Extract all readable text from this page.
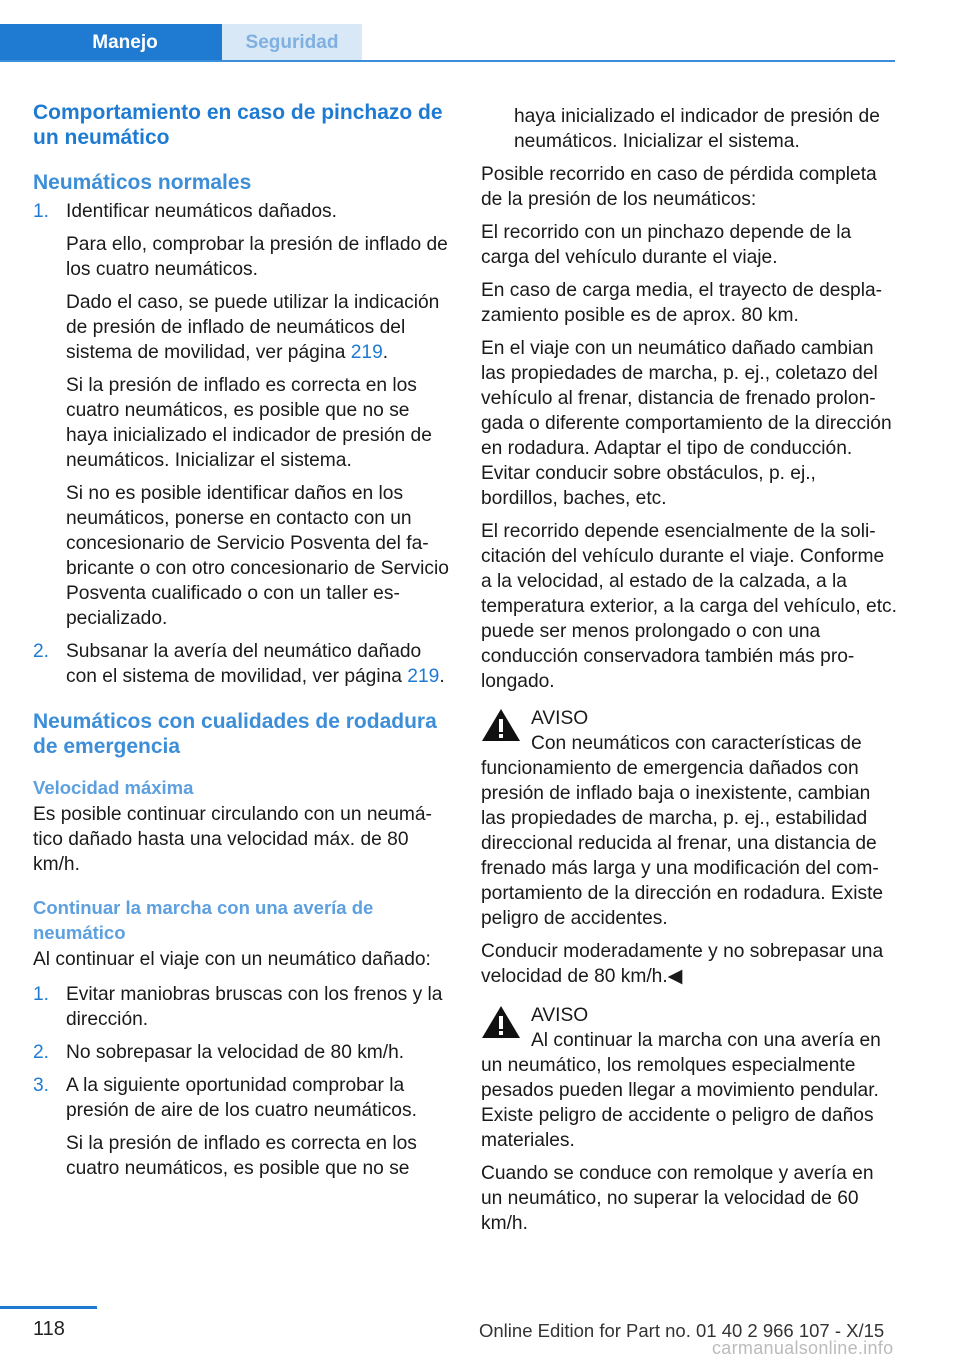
Manejo	Seguridad
Comportamiento en caso de pinchazo de un neumático
Neumáticos normales
1. Identificar neumáticos dañados.
Para ello, comprobar la presión de inflado de los cuatro neumáticos.
Dado el caso, se puede utilizar la indicación de presión de inflado de neumáticos del sistema de movilidad, ver página 219.
Si la presión de inflado es correcta en los cuatro neumáticos, es posible que no se haya inicializado el indicador de presión de neumáticos. Inicializar el sistema.
Si no es posible identificar daños en los neumáticos, ponerse en contacto con un concesionario de Servicio Posventa del fabricante o con otro concesionario de Servicio Posventa cualificado o con un taller especializado.
2. Subsanar la avería del neumático dañado con el sistema de movilidad, ver página 219.
Neumáticos con cualidades de rodadura de emergencia
Velocidad máxima

Es posible continuar circulando con un neumático dañado hasta una velocidad máx. de 80 km/h.

Continuar la marcha con una avería de neumático

Al continuar el viaje con un neumático dañado:

1. Evitar maniobras bruscas con los frenos y la dirección.
2. No sobrepasar la velocidad de 80 km/h.
3. A la siguiente oportunidad comprobar la presión de aire de los cuatro neumáticos.
Si la presión de inflado es correcta en los cuatro neumáticos, es posible que no se
haya inicializado el indicador de presión de neumáticos. Inicializar el sistema.

Posible recorrido en caso de pérdida completa de la presión de los neumáticos:

El recorrido con un pinchazo depende de la carga del vehículo durante el viaje.

En caso de carga media, el trayecto de desplazamiento posible es de aprox. 80 km.

En el viaje con un neumático dañado cambian las propiedades de marcha, p. ej., coletazo del vehículo al frenar, distancia de frenado prolongada o diferente comportamiento de la dirección en rodadura. Adaptar el tipo de conducción. Evitar conducir sobre obstáculos, p. ej., bordillos, baches, etc.

El recorrido depende esencialmente de la solicitación del vehículo durante el viaje. Conforme a la velocidad, al estado de la calzada, a la temperatura exterior, a la carga del vehículo, etc. puede ser menos prolongado o con una conducción conservadora también más prolongado.

AVISO

Con neumáticos con características de funcionamiento de emergencia dañados con presión de inflado baja o inexistente, cambian las propiedades de marcha, p. ej., estabilidad direccional reducida al frenar, una distancia de frenado más larga y una modificación del comportamiento de la dirección en rodadura. Existe peligro de accidentes.

Conducir moderadamente y no sobrepasar una velocidad de 80 km/h.◀

AVISO

Al continuar la marcha con una avería en un neumático, los remolques especialmente pesados pueden llegar a movimiento pendular. Existe peligro de accidente o peligro de daños materiales.

Cuando se conduce con remolque y avería en un neumático, no superar la velocidad de 60 km/h.

118	Online Edition for Part no. 01 40 2 966 107 - X/15
carmanualsonline.info
